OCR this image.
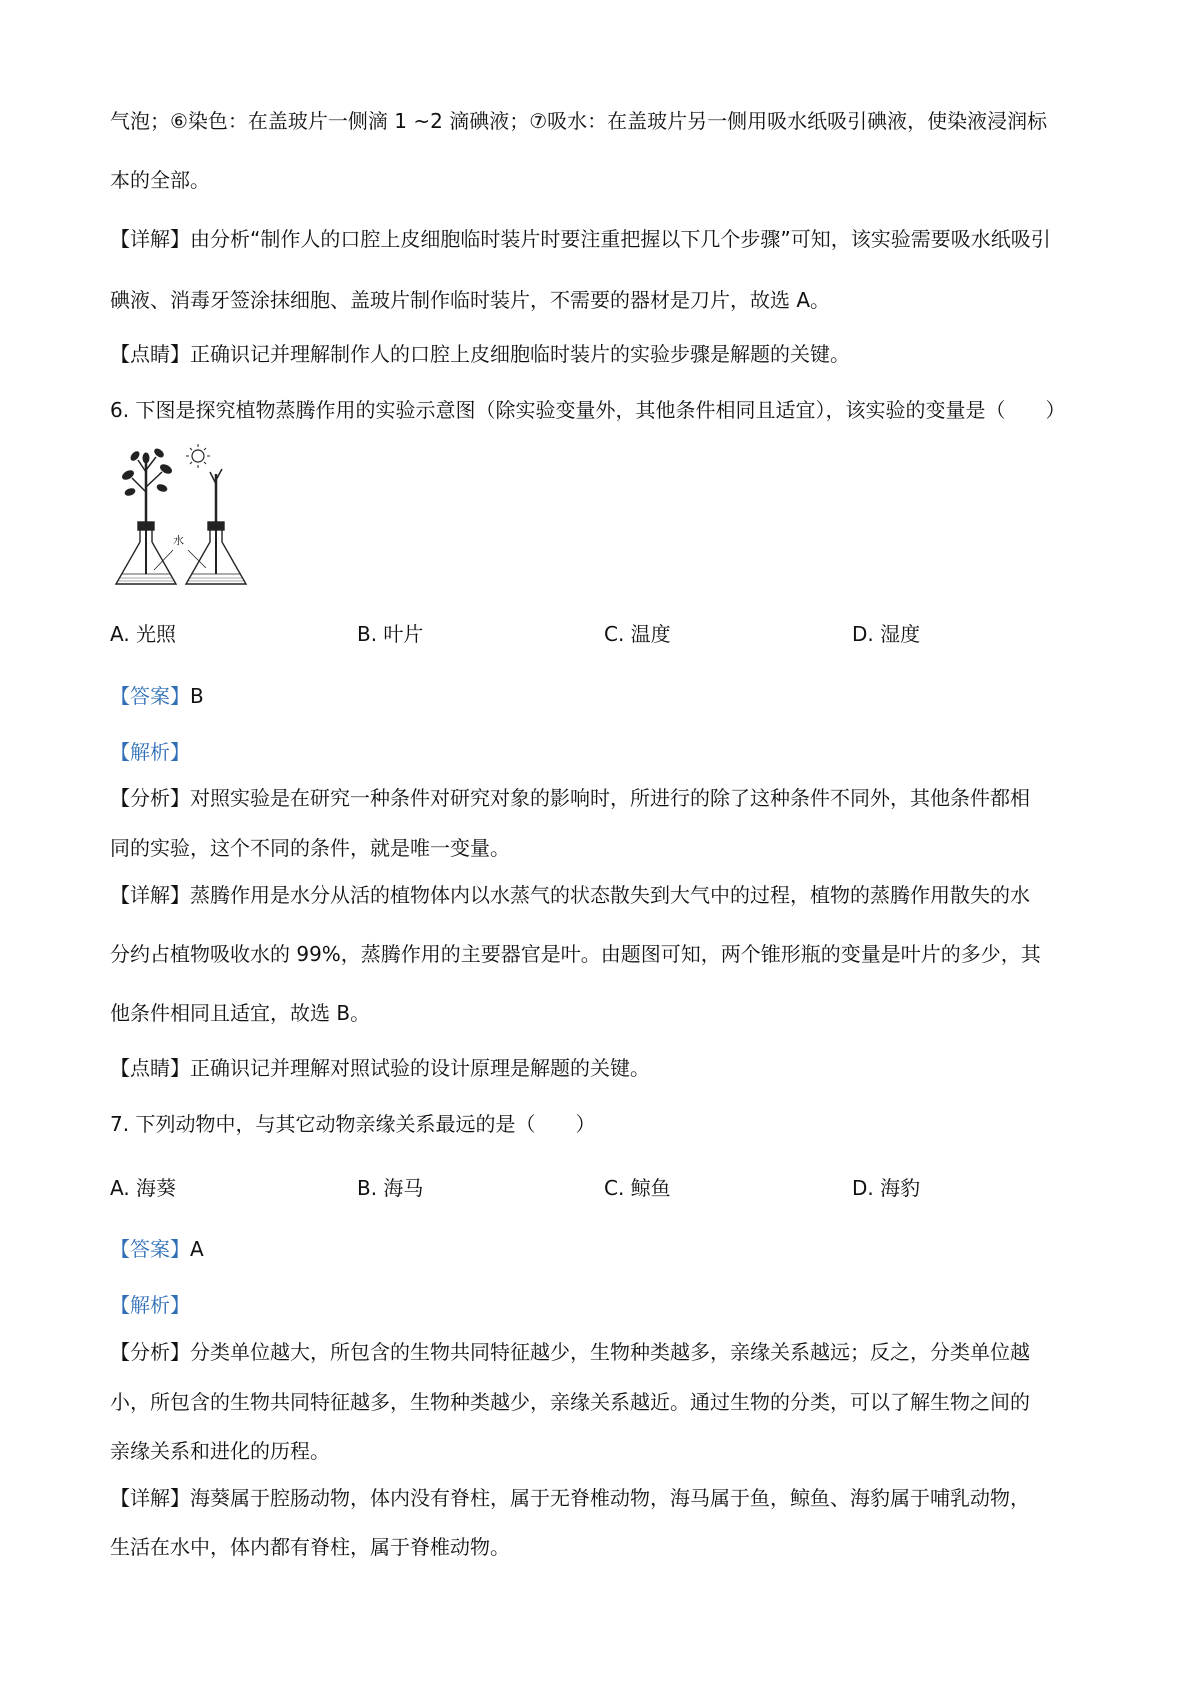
气泡；⑥染色：在盖玻片一侧滴 1 ~2 滴碘液；⑦吸水：在盖玻片另一侧用吸水纸吸引碘液，使染液浸润标
本的全部。
【详解】由分析“制作人的口腔上皮细胞临时装片时要注重把握以下几个步骤”可知，该实验需要吸水纸吸引
碘液、消毒牙签涂抹细胞、盖玻片制作临时装片，不需要的器材是刀片，故选 A。
【点睛】正确识记并理解制作人的口腔上皮细胞临时装片的实验步骤是解题的关键。
6. 下图是探究植物蒸腾作用的实验示意图（除实验变量外，其他条件相同且适宜），该实验的变量是（　　）
水
A. 光照	B. 叶片	C. 温度	D. 湿度
【答案】B
【解析】
【分析】对照实验是在研究一种条件对研究对象的影响时，所进行的除了这种条件不同外，其他条件都相
同的实验，这个不同的条件，就是唯一变量。
【详解】蒸腾作用是水分从活的植物体内以水蒸气的状态散失到大气中的过程，植物的蒸腾作用散失的水
分约占植物吸收水的 99%，蒸腾作用的主要器官是叶。由题图可知，两个锥形瓶的变量是叶片的多少，其
他条件相同且适宜，故选 B。
【点睛】正确识记并理解对照试验的设计原理是解题的关键。
7. 下列动物中，与其它动物亲缘关系最远的是（　　）
A. 海葵	B. 海马	C. 鲸鱼	D. 海豹
【答案】A
【解析】
【分析】分类单位越大，所包含的生物共同特征越少，生物种类越多，亲缘关系越远；反之，分类单位越
小，所包含的生物共同特征越多，生物种类越少，亲缘关系越近。通过生物的分类，可以了解生物之间的
亲缘关系和进化的历程。
【详解】海葵属于腔肠动物，体内没有脊柱，属于无脊椎动物，海马属于鱼，鲸鱼、海豹属于哺乳动物，
生活在水中，体内都有脊柱，属于脊椎动物。
